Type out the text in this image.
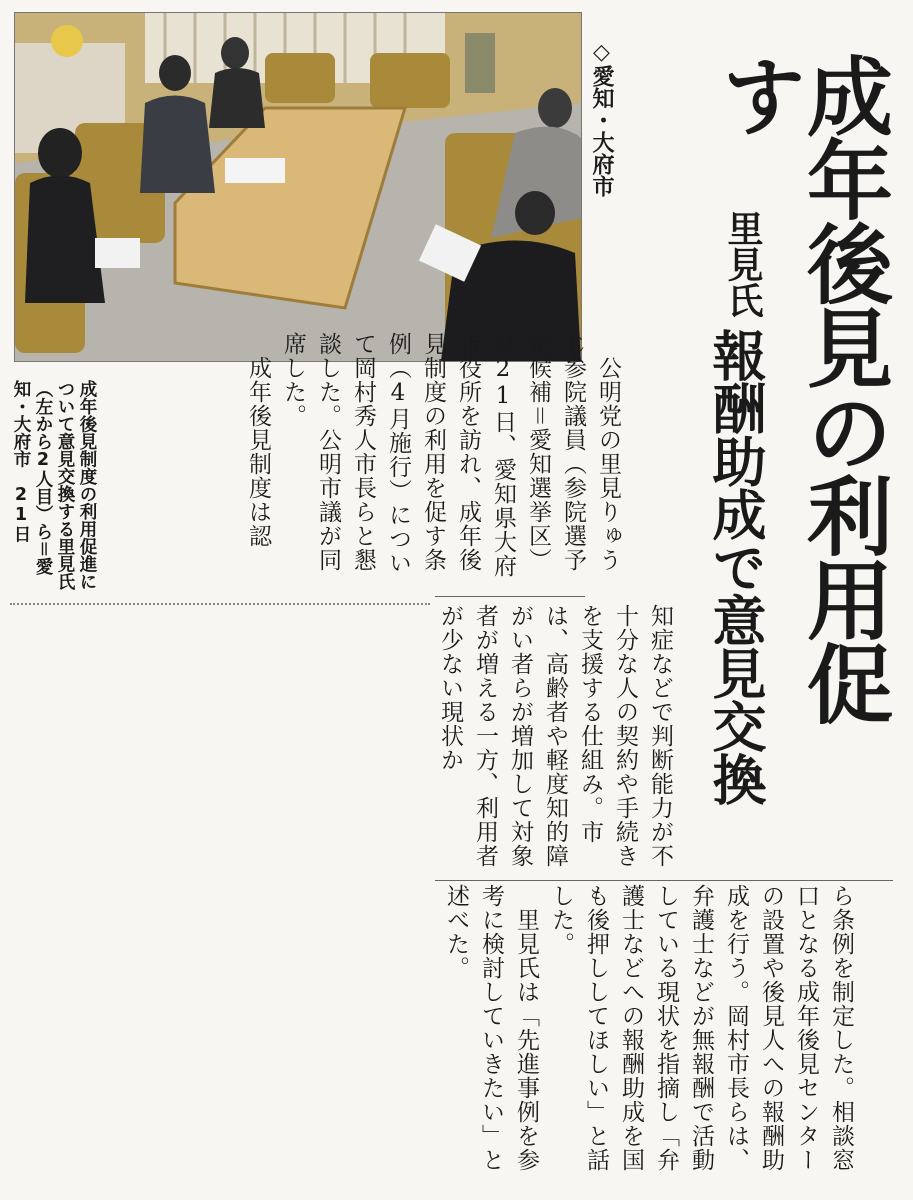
成年後見の利用促す
里見氏
報酬助成で意見交換
◇愛知・大府市

成年後見制度の利用促進について意見交換する里見氏（左から2人目）ら＝愛知・大府市　21日	　公明党の里見りゅうじ参院議員（参院選予定候補＝愛知選挙区）は21日、愛知県大府市役所を訪れ、成年後見制度の利用を促す条例（4月施行）について岡村秀人市長らと懇談した。公明市議が同席した。
　成年後見制度は認

知症などで判断能力が不十分な人の契約や手続きを支援する仕組み。市は、高齢者や軽度知的障がい者らが増加して対象者が増える一方、利用者が少ない現状か

ら条例を制定した。相談窓口となる成年後見センターの設置や後見人への報酬助成を行う。岡村市長らは、弁護士などが無報酬で活動している現状を指摘し「弁護士などへの報酬助成を国も後押ししてほしい」と話した。
　里見氏は「先進事例を参考に検討していきたい」と述べた。
